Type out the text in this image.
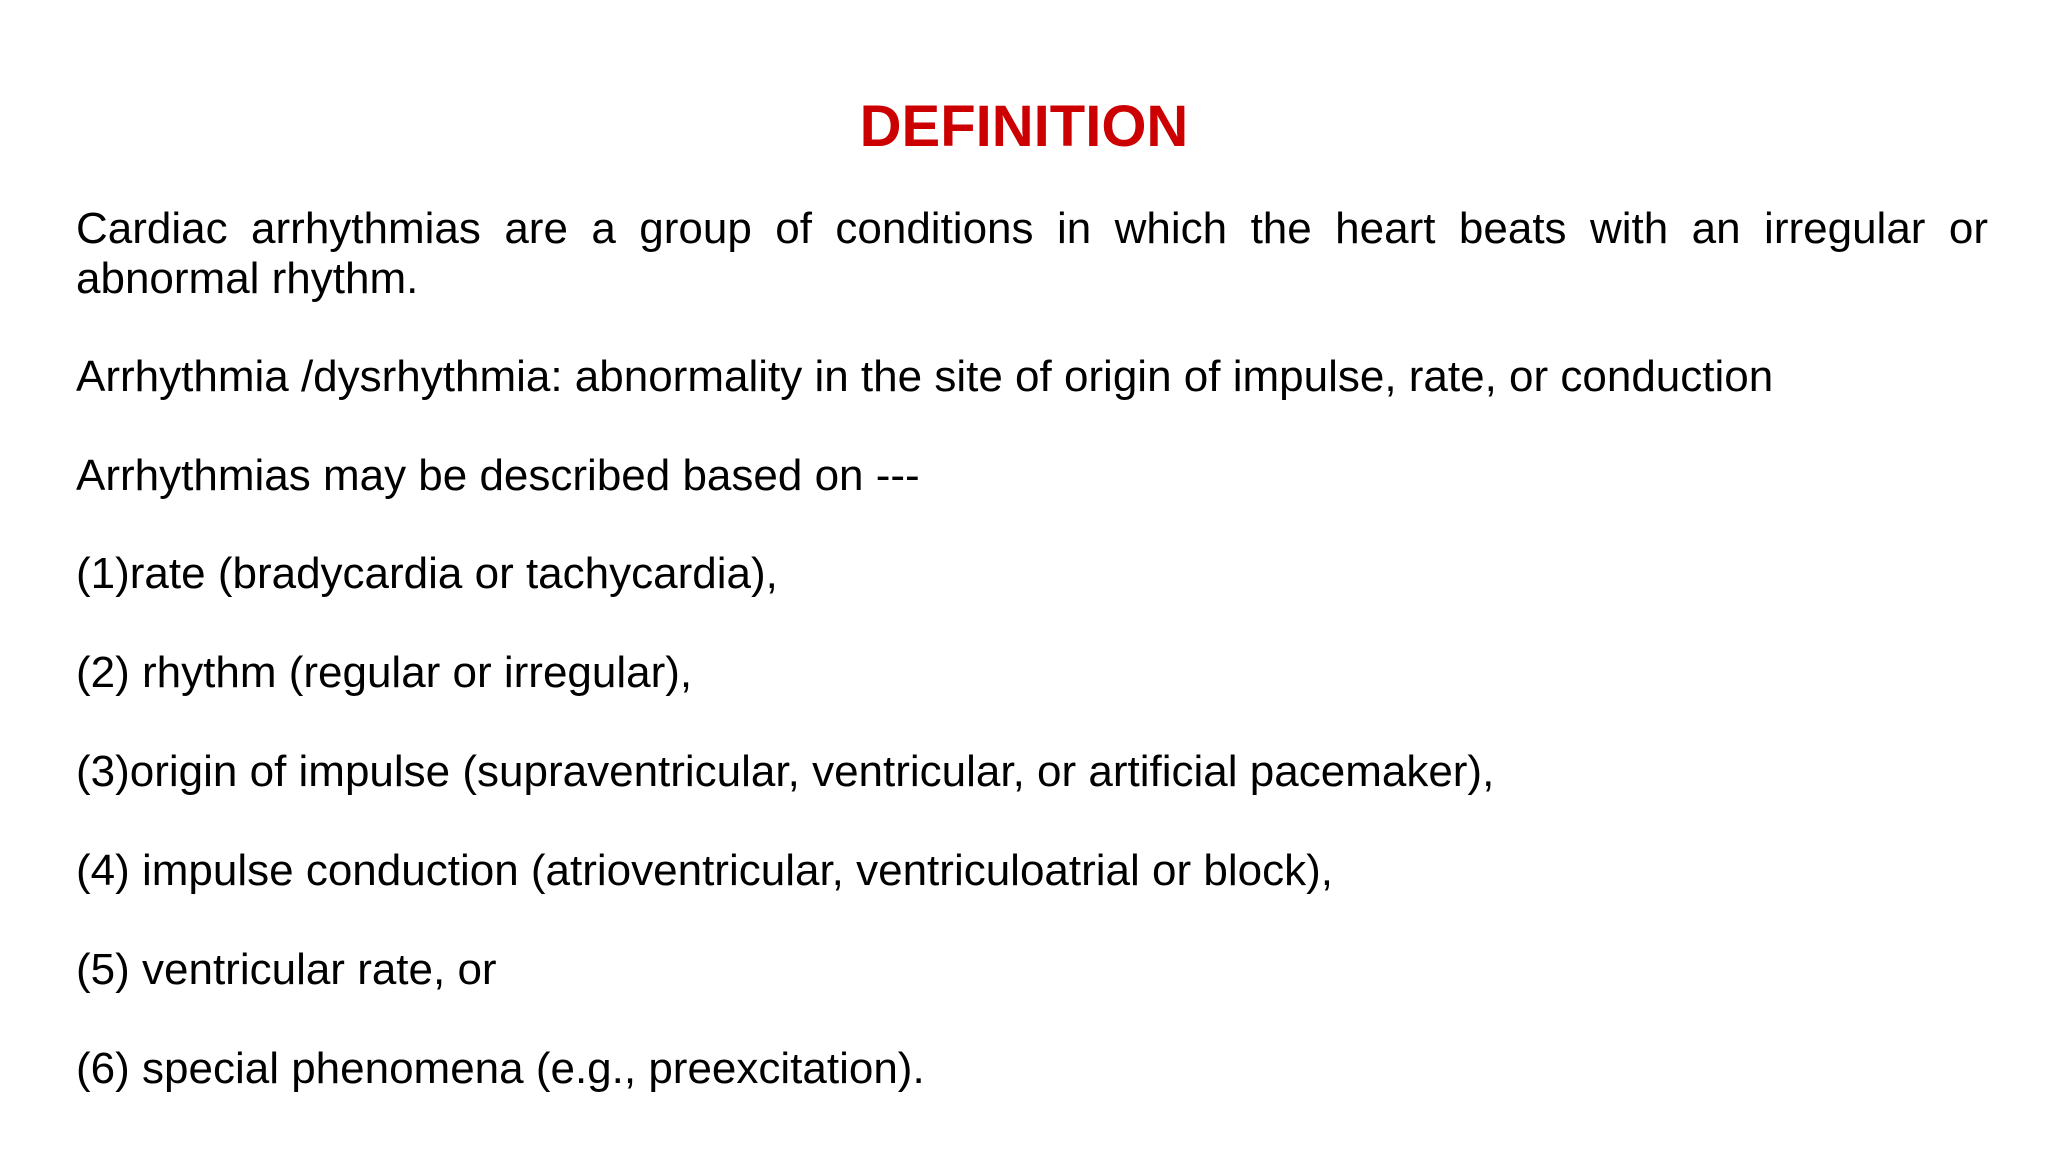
DEFINITION
Cardiac arrhythmias are a group of conditions in which the heart beats with an irregular or abnormal rhythm.
Arrhythmia /dysrhythmia: abnormality in the site of origin of impulse, rate, or conduction
Arrhythmias may be described based on ---
(1)rate (bradycardia or tachycardia),
(2) rhythm (regular or irregular),
(3)origin of impulse (supraventricular, ventricular, or artificial pacemaker),
(4) impulse conduction (atrioventricular, ventriculoatrial or block),
(5) ventricular rate, or
(6) special phenomena (e.g., preexcitation).
